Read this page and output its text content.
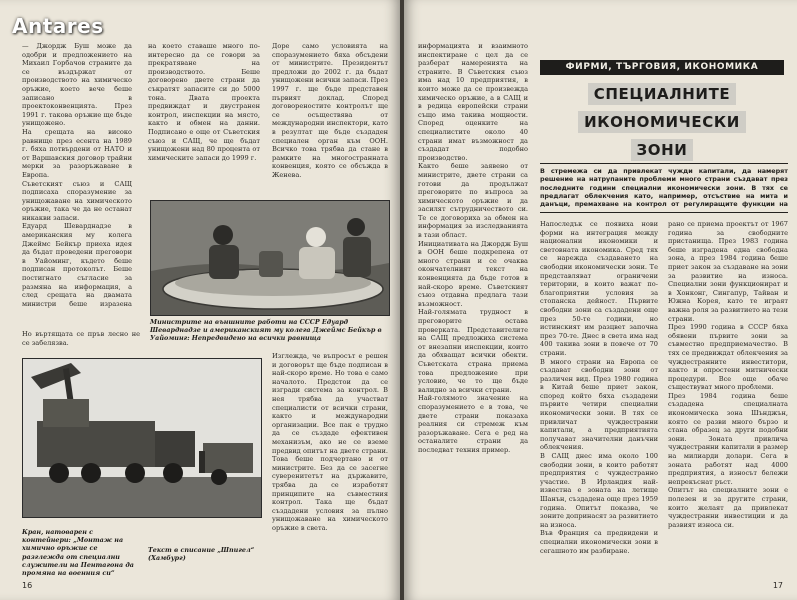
Antares
— Джордж Буш може да одобри и предложението на Михаил Горбачов страните да се въздържат от производството на химическо оръжие, което вече беше записано в проектоконвенцията. През 1991 г. такова оръжие ще бъде унищожено.
На срещата на високо равнище през есента на 1989 г. бяха потвърдени от НАТО и от Варшавския договор трайни мерки за разоръжаване в Европа.
Съветският съюз и САЩ подписаха споразумение за унищожаване на химическото оръжие, така че да не останат никакви запаси.
Едуард Шеварднадзе в американския му колега Джеймс Бейкър приеха идея да бъдат проведени преговори в Уайоминг, където беше подписан протоколът. Беше постигнато съгласие за размяна на информация, а след срещата на двамата министри беше изразена

на което ставаше много по-интересно да се говори за прекратяване на производството. Беше договорено двете страни да съкратят запасите си до 5000 тона. Двата проекта предвиждат и двустранен контрол, инспекции на място, както и обмен на данни. Подписано е още от Съветския съюз и САЩ, че ще бъдат унищожени над 80 процента от химическите запаси до 1999 г.
Доре само условията на споразумението бяха обсъдени от министрите. Президентът предложи до 2002 г. да бъдат унищожени всички запаси. През 1997 г. ще бъде представен първият доклад. Според договореностите контролът ще се осъществява от международни инспектори, като в резултат ще бъде създаден специален орган към ООН. Всичко това трябва да стане в рамките на многостранната конвенция, която се обсъжда в Женева.
Министрите на външните работи на СССР Едуард Шеварднадзе и американският му колега Джеймс Бейкър в Уайоминг: Непредвидено на всички равнища
Кран, натоварен с контейнери: „Монтаж на химично оръжие се разглежда от специални служители на Пентагона да промяна на военния си“
Текст в списание „Шпигел“ (Хамбург)
Но въртящата се пръв лесно не се забелязва.
Изглежда, че въпросът е решен и договорът ще бъде подписан в най-скоро време. Но това е само началото. Предстои да се изгради система за контрол. В нея трябва да участват специалисти от всички страни, както и международни организации. Все пак е трудно да се създаде ефективен механизъм, ако не се вземе предвид опитът на двете страни. Това беше подчертано и от министрите. Без да се засегне суверенитетът на държавите, трябва да се изработят принципите на съвместния контрол. Така ще бъдат създадени условия за пълно унищожаване на химическото оръжие в света.
16
информацията и взаимното инспектиране с цел да се разберат намеренията на страните. В Съветския съюз има над 10 предприятия, в които може да се произвежда химическо оръжие, а в САЩ и в редица европейски страни също има такива мощности. Според оценките на специалистите около 40 страни имат възможност да създадат подобно производство.
Както беше заявено от министрите, двете страни са готови да продължат преговорите по въпроса за химическото оръжие и да засилят сътрудничеството си. Те се договориха за обмен на информация за изследванията в тази област.
Инициативата на Джордж Буш в ООН беше подкрепена от много страни и се очаква окончателният текст на конвенцията да бъде готов в най-скоро време. Съветският съюз отдавна предлага тази възможност.
Най-голямата трудност в преговорите остава проверката. Представителите на САЩ предложиха система от внезапни инспекции, които да обхващат всички обекти. Съветската страна приема това предложение при условие, че то ще бъде валидно за всички страни.
Най-голямото значение на споразумението е в това, че двете страни показаха реалния си стремеж към разоръжаване. Сега е ред на останалите страни да последват техния пример.
ФИРМИ, ТЪРГОВИЯ, ИКОНОМИКА
СПЕЦИАЛНИТЕ
ИКОНОМИЧЕСКИ
ЗОНИ
В стремежа си да привлекат чужди капитали, да намерят решение на натрупаните проблеми много страни създават през последните години специални икономически зони. В тях се предлагат облекчения като, например, отсъствие на мита и данъци, премахване на контрол от регулиращите функции на
Напоследък се появиха нови форми на интеграция между национални икономики и световната икономика. Сред тях се нарежда създаването на свободни икономически зони. Те представляват ограничени територии, в които важат по-благоприятни условия за стопанска дейност. Първите свободни зони са създадени още през 50-те години, но истинският им разцвет започна през 70-те. Днес в света има над 400 такива зони в повече от 70 страни.
В много страни на Европа се създават свободни зони от различен вид. През 1980 година в Китай беше приет закон, според който бяха създадени първите четири специални икономически зони. В тях се привличат чуждестранни капитали, а предприятията получават значителни данъчни облекчения.
В САЩ днес има около 100 свободни зони, в които работят предприятия с чуждестранно участие. В Ирландия най-известна е зоната на летище Шанън, създадена още през 1959 година. Опитът показва, че зоните допринасят за развитието на износа.
Във Франция са предвидени и специални икономически зони в сегашното им разбиране.
рано се приема проектът от 1967 година за свободните пристанища. През 1983 година беше изградена една свободна зона, а през 1984 година беше приет закон за създаване на зони за развитие на износа. Специални зони функционират и в Хонконг, Сингапур, Тайван и Южна Корея, като те играят важна роля за развитието на тези страни.
През 1990 година в СССР бяха обявени първите зони за съвместно предприемачество. В тях се предвиждат облекчения за чуждестранните инвеститори, както и опростени митнически процедури. Все още обаче съществуват много проблеми.
През 1984 година беше създадена специалната икономическа зона Шънджън, която се разви много бързо и стана образец за други подобни зони. Зоната привлича чуждестранни капитали в размер на милиарди долари. Сега в зоната работят над 4000 предприятия, а износът бележи непрекъснат ръст.
Опитът на специалните зони е полезен и за другите страни, които желаят да привлекат чуждестранни инвестиции и да развият износа си.
17
